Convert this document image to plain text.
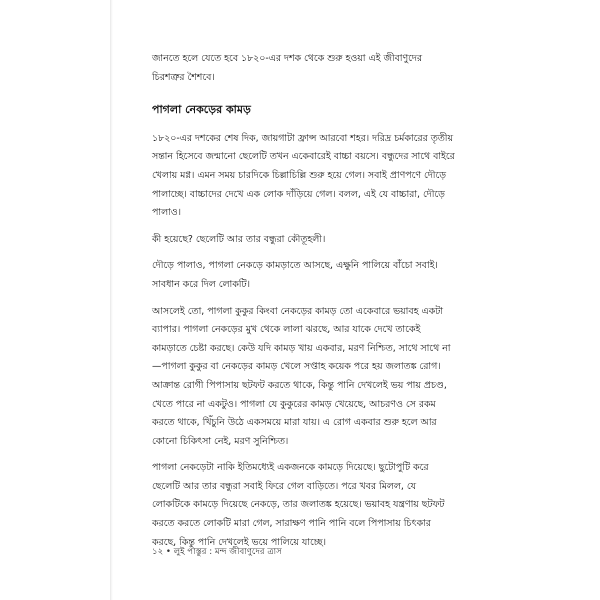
জানতে হলে যেতে হবে ১৮২০-এর দশক থেকে শুরু হওয়া এই জীবাণুদের চিরশত্রুর শৈশবে।

পাগলা নেকড়ের কামড়

১৮২০-এর দশকের শেষ দিক, জায়গাটা ফ্রান্স আরবো শহর। দরিদ্র চর্মকারের তৃতীয় সন্তান হিসেবে জন্মানো ছেলেটি তখন একেবারেই বাচ্চা বয়সে। বন্ধুদের সাথে বাইরে খেলায় মগ্ন। এমন সময় চারদিকে চিল্লাচিল্লি শুরু হয়ে গেল। সবাই প্রাণপণে দৌড়ে পালাচ্ছে। বাচ্চাদের দেখে এক লোক দাঁড়িয়ে গেল। বলল, এই যে বাচ্চারা, দৌড়ে পালাও।

কী হয়েছে? ছেলেটি আর তার বন্ধুরা কৌতূহলী।

দৌড়ে পালাও, পাগলা নেকড়ে কামড়াতে আসছে, এক্ষুনি পালিয়ে বাঁচো সবাই। সাবধান করে দিল লোকটি।

আসলেই তো, পাগলা কুকুর কিংবা নেকড়ের কামড় তো একেবারে ভয়াবহ একটা ব্যাপার। পাগলা নেকড়ের মুখ থেকে লালা ঝরছে, আর যাকে দেখে তাকেই কামড়াতে চেষ্টা করছে। কেউ যদি কামড় খায় একবার, মরণ নিশ্চিত, সাথে সাথে না—পাগলা কুকুর বা নেকড়ের কামড় খেলে সপ্তাহ কয়েক পরে হয় জলাতঙ্ক রোগ। আক্রান্ত রোগী পিপাসায় ছটফট করতে থাকে, কিন্তু পানি দেখলেই ভয় পায় প্রচণ্ড, খেতে পারে না একটুও। পাগলা যে কুকুরের কামড় খেয়েছে, আচরণও সে রকম করতে থাকে, খিঁচুনি উঠে একসময়ে মারা যায়। এ রোগ একবার শুরু হলে আর কোনো চিকিৎসা নেই, মরণ সুনিশ্চিত।

পাগলা নেকড়েটা নাকি ইতিমধ্যেই একজনকে কামড়ে দিয়েছে। ছুটোপুটি করে ছেলেটি আর তার বন্ধুরা সবাই ফিরে গেল বাড়িতে। পরে খবর মিলল, যে লোকটিকে কামড়ে দিয়েছে নেকড়ে, তার জলাতঙ্ক হয়েছে। ভয়াবহ যন্ত্রণায় ছটফট করতে করতে লোকটি মারা গেল, সারাক্ষণ পানি পানি বলে পিপাসায় চিৎকার করছে, কিন্তু পানি দেখলেই ভয়ে পালিয়ে যাচ্ছে।

১২ • লুই পাস্তুর : মন্দ জীবাণুদের ত্রাস
